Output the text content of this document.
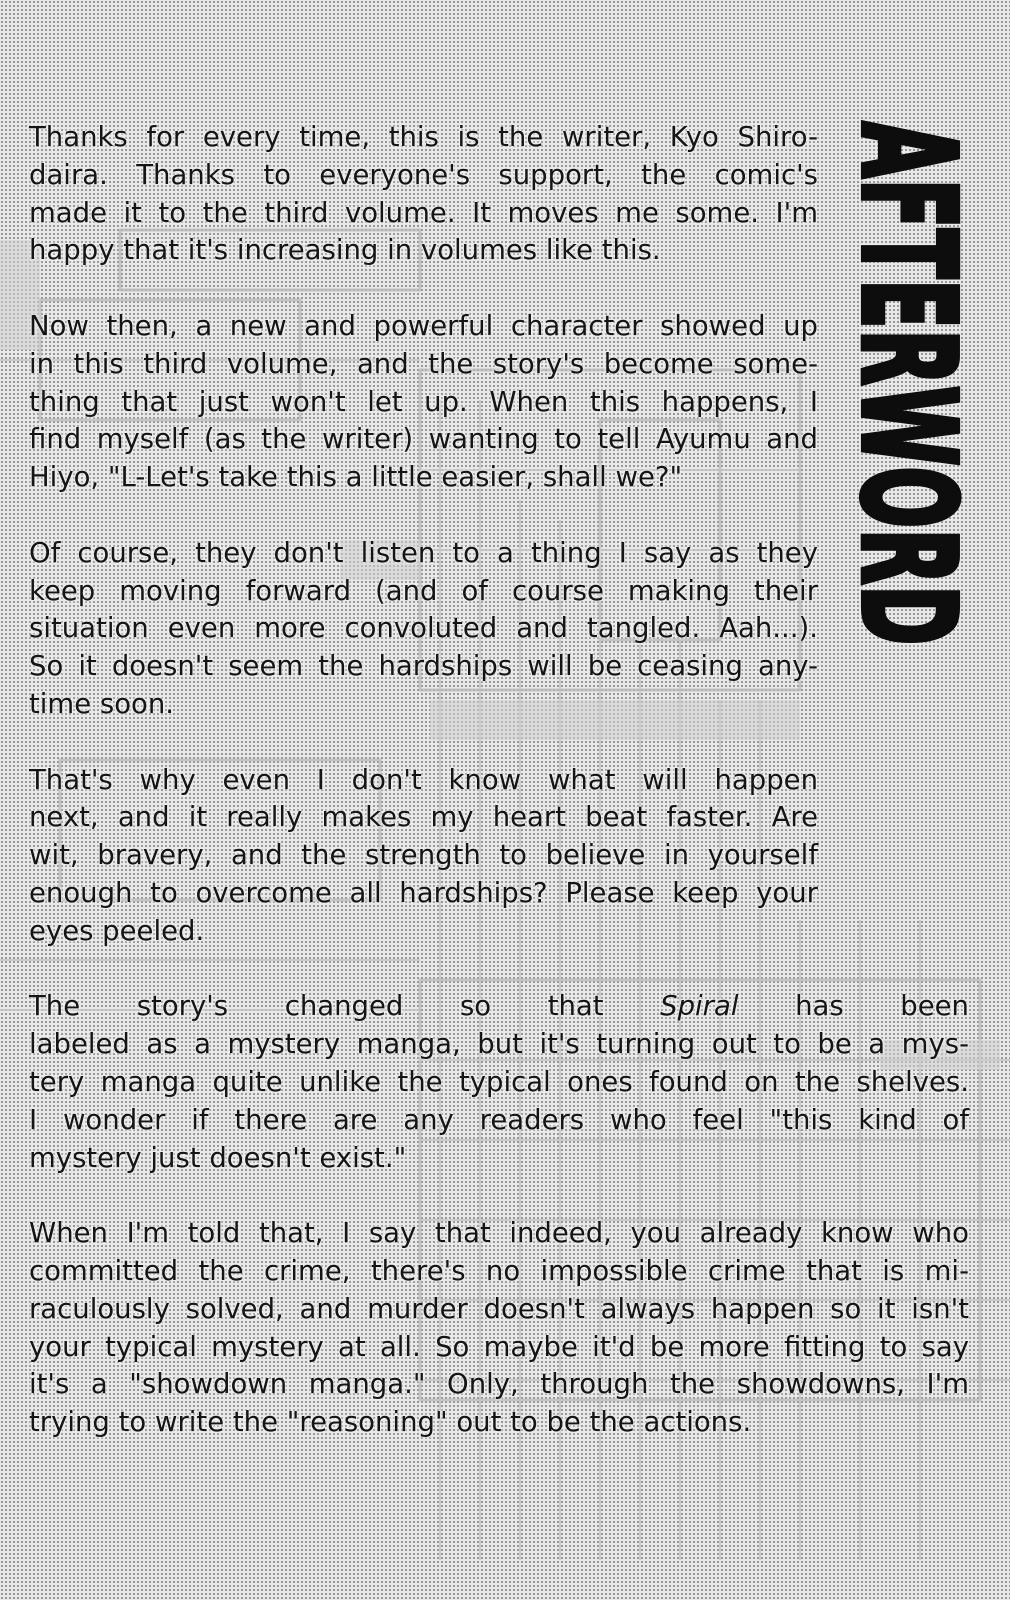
AFTERWORD
Thanks for every time, this is the writer, Kyo Shiro-
daira. Thanks to everyone's support, the comic's
made it to the third volume. It moves me some. I'm
happy that it's increasing in volumes like this.
Now then, a new and powerful character showed up
in this third volume, and the story's become some-
thing that just won't let up. When this happens, I
find myself (as the writer) wanting to tell Ayumu and
Hiyo, "L-Let's take this a little easier, shall we?"
Of course, they don't listen to a thing I say as they
keep moving forward (and of course making their
situation even more convoluted and tangled. Aah...).
So it doesn't seem the hardships will be ceasing any-
time soon.
That's why even I don't know what will happen
next, and it really makes my heart beat faster. Are
wit, bravery, and the strength to believe in yourself
enough to overcome all hardships? Please keep your
eyes peeled.
The story's changed so that Spiral has been
labeled as a mystery manga, but it's turning out to be a mys-
tery manga quite unlike the typical ones found on the shelves.
I wonder if there are any readers who feel "this kind of
mystery just doesn't exist."
When I'm told that, I say that indeed, you already know who
committed the crime, there's no impossible crime that is mi-
raculously solved, and murder doesn't always happen so it isn't
your typical mystery at all. So maybe it'd be more fitting to say
it's a "showdown manga." Only, through the showdowns, I'm
trying to write the "reasoning" out to be the actions.
